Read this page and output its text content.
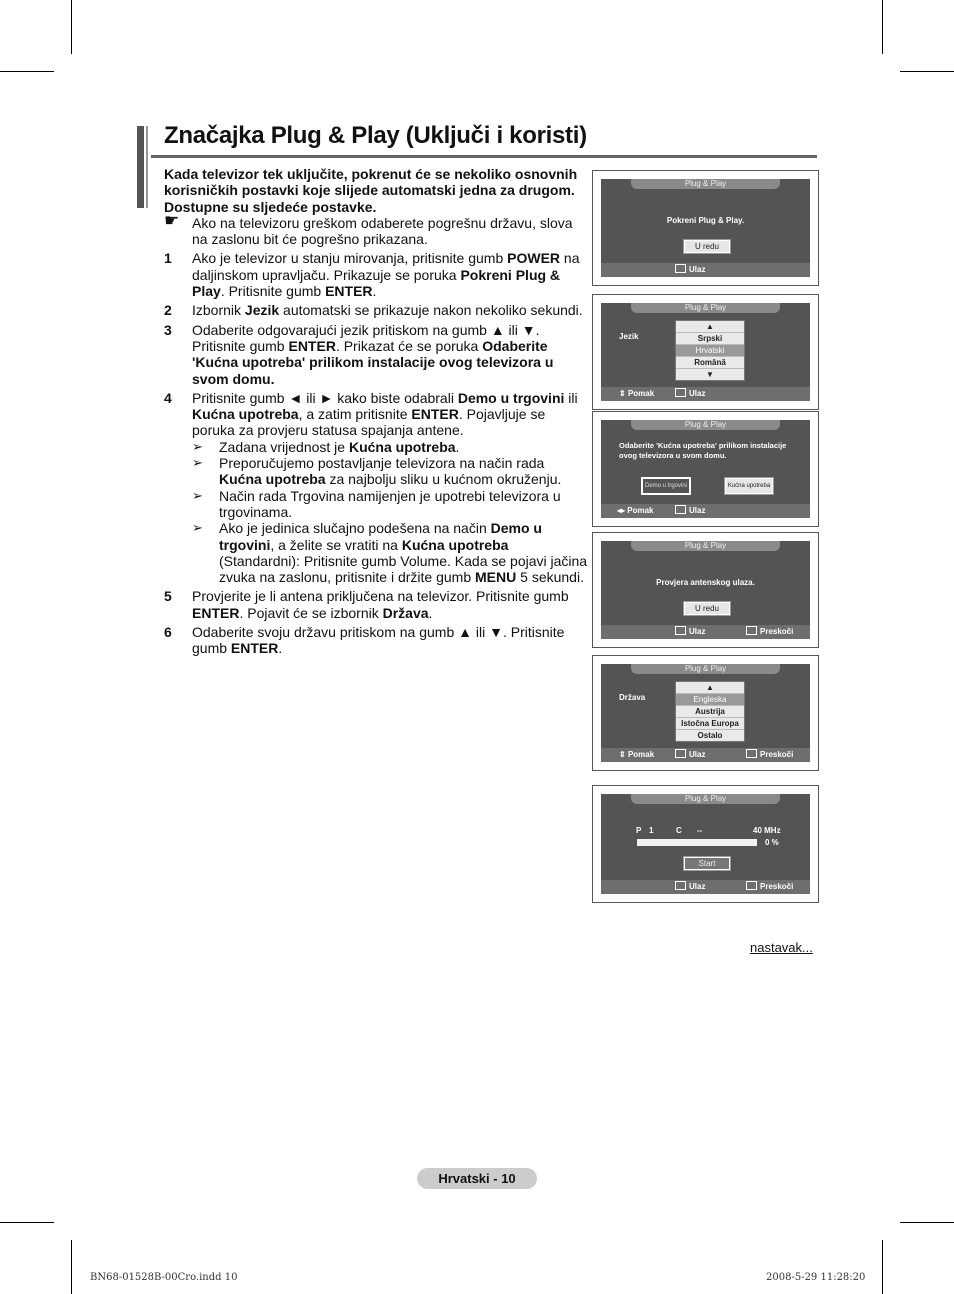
Značajka Plug & Play (Uključi i koristi)

Kada televizor tek uključite, pokrenut će se nekoliko osnovnih korisničkih postavki koje slijede automatski jedna za drugom. Dostupne su sljedeće postavke.

☛ Ako na televizoru greškom odaberete pogrešnu državu, slova na zaslonu bit će pogrešno prikazana.

1 Ako je televizor u stanju mirovanja, pritisnite gumb POWER na daljinskom upravljaču. Prikazuje se poruka Pokreni Plug & Play. Pritisnite gumb ENTER.

2 Izbornik Jezik automatski se prikazuje nakon nekoliko sekundi.

3 Odaberite odgovarajući jezik pritiskom na gumb ▲ ili ▼. Pritisnite gumb ENTER. Prikazat će se poruka Odaberite 'Kućna upotreba' prilikom instalacije ovog televizora u svom domu.

4 Pritisnite gumb ◄ ili ► kako biste odabrali Demo u trgovini ili Kućna upotreba, a zatim pritisnite ENTER. Pojavljuje se poruka za provjeru statusa spajanja antene.

➢ Zadana vrijednost je Kućna upotreba.

➢ Preporučujemo postavljanje televizora na način rada Kućna upotreba za najbolju sliku u kućnom okruženju.

➢ Način rada Trgovina namijenjen je upotrebi televizora u trgovinama.

➢ Ako je jedinica slučajno podešena na način Demo u trgovini, a želite se vratiti na Kućna upotreba (Standardni): Pritisnite gumb Volume. Kada se pojavi jačina zvuka na zaslonu, pritisnite i držite gumb MENU 5 sekundi.

5 Provjerite je li antena priključena na televizor. Pritisnite gumb ENTER. Pojavit će se izbornik Država.

6 Odaberite svoju državu pritiskom na gumb ▲ ili ▼. Pritisnite gumb ENTER.

Plug & Play
Pokreni Plug & Play.
U redu
Ulaz
Plug & Play
Jezik
▲
Srpski
Hrvatski
Română
▼
⇕ Pomak	Ulaz
Plug & Play
Odaberite 'Kućna upotreba' prilikom instalacije ovog televizora u svom domu.
Demo u trgovini	Kućna upotreba
◂▸ Pomak	Ulaz
Plug & Play
Provjera antenskog ulaza.
U redu
Ulaz	Preskoči
Plug & Play
Država
▲
Engleska
Austrija
Istočna Europa
Ostalo
⇕ Pomak	Ulaz	Preskoči
Plug & Play
P 1	C --	40 MHz
0 %
Start
Ulaz	Preskoči
nastavak...
Hrvatski - 10
BN68-01528B-00Cro.indd 10	2008-5-29 11:28:20
